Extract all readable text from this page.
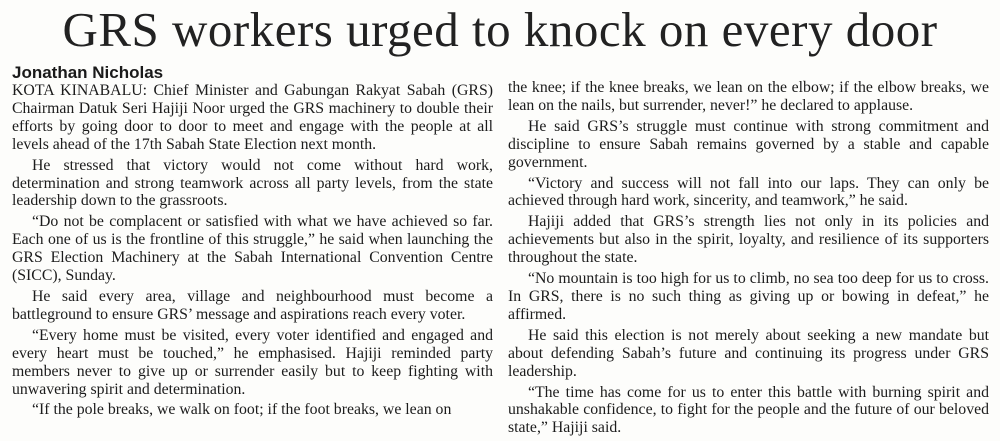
GRS workers urged to knock on every door
Jonathan Nicholas

KOTA KINABALU: Chief Minister and Gabungan Rakyat Sabah (GRS) Chairman Datuk Seri Hajiji Noor urged the GRS machinery to double their efforts by going door to door to meet and engage with the people at all levels ahead of the 17th Sabah State Election next month.

He stressed that victory would not come without hard work, determination and strong teamwork across all party levels, from the state leadership down to the grassroots.

“Do not be complacent or satisfied with what we have achieved so far. Each one of us is the frontline of this struggle,” he said when launching the GRS Election Machinery at the Sabah International Convention Centre (SICC), Sunday.

He said every area, village and neighbourhood must become a battleground to ensure GRS’ message and aspirations reach every voter.

“Every home must be visited, every voter identified and engaged and every heart must be touched,” he emphasised. Hajiji reminded party members never to give up or surrender easily but to keep fighting with unwavering spirit and determination.

“If the pole breaks, we walk on foot; if the foot breaks, we lean on

the knee; if the knee breaks, we lean on the elbow; if the elbow breaks, we lean on the nails, but surrender, never!” he declared to applause.

He said GRS’s struggle must continue with strong commitment and discipline to ensure Sabah remains governed by a stable and capable government.

“Victory and success will not fall into our laps. They can only be achieved through hard work, sincerity, and teamwork,” he said.

Hajiji added that GRS’s strength lies not only in its policies and achievements but also in the spirit, loyalty, and resilience of its supporters throughout the state.

“No mountain is too high for us to climb, no sea too deep for us to cross. In GRS, there is no such thing as giving up or bowing in defeat,” he affirmed.

He said this election is not merely about seeking a new mandate but about defending Sabah’s future and continuing its progress under GRS leadership.

“The time has come for us to enter this battle with burning spirit and unshakable confidence, to fight for the people and the future of our beloved state,” Hajiji said.
